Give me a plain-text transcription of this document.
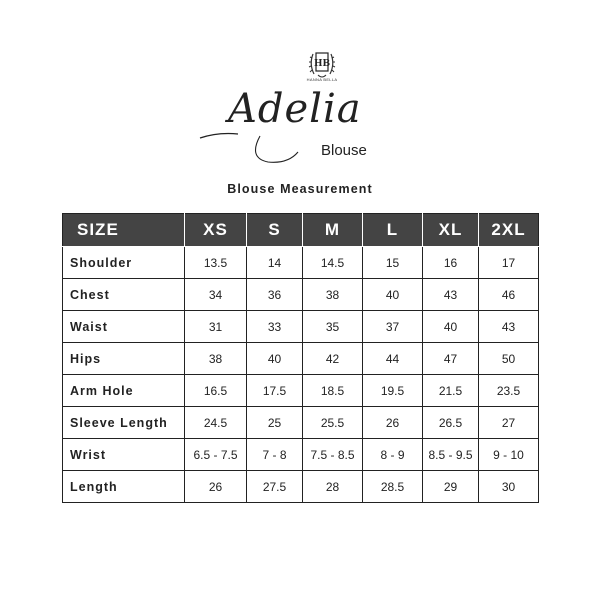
HB
HANNA BELLA
Adelia
Blouse
Blouse Measurement
SIZE	XS	S	M	L	XL	2XL
Shoulder	13.5	14	14.5	15	16	17
Chest	34	36	38	40	43	46
Waist	31	33	35	37	40	43
Hips	38	40	42	44	47	50
Arm Hole	16.5	17.5	18.5	19.5	21.5	23.5
Sleeve Length	24.5	25	25.5	26	26.5	27
Wrist	6.5 - 7.5	7 - 8	7.5 - 8.5	8 - 9	8.5 - 9.5	9 - 10
Length	26	27.5	28	28.5	29	30
